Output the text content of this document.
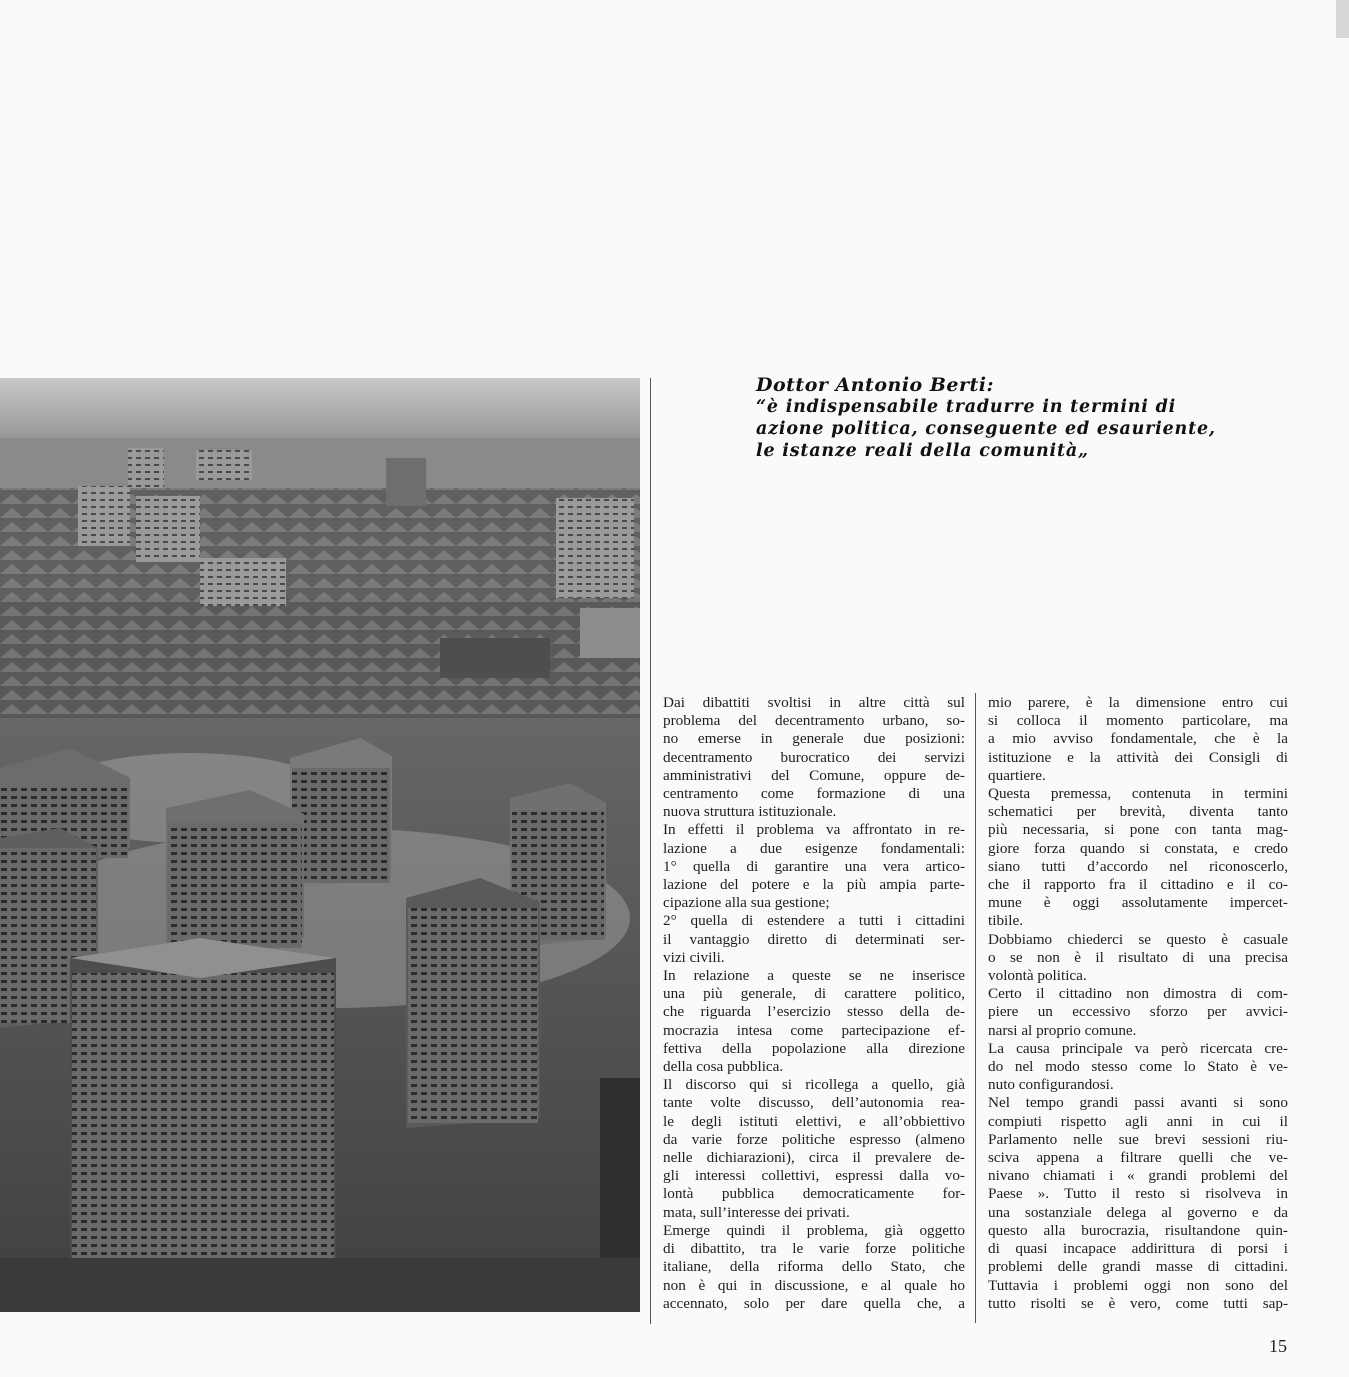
Dottor Antonio Berti:
“è indispensabile tradurre in termini di
azione politica, conseguente ed esauriente,
le istanze reali della comunità„
Dai dibattiti svoltisi in altre città sul
problema del decentramento urbano, so-
no emerse in generale due posizioni:
decentramento burocratico dei servizi
amministrativi del Comune, oppure de-
centramento come formazione di una
nuova struttura istituzionale.
In effetti il problema va affrontato in re-
lazione a due esigenze fondamentali:
1° quella di garantire una vera artico-
lazione del potere e la più ampia parte-
cipazione alla sua gestione;
2° quella di estendere a tutti i cittadini
il vantaggio diretto di determinati ser-
vizi civili.
In relazione a queste se ne inserisce
una più generale, di carattere politico,
che riguarda l’esercizio stesso della de-
mocrazia intesa come partecipazione ef-
fettiva della popolazione alla direzione
della cosa pubblica.
Il discorso qui si ricollega a quello, già
tante volte discusso, dell’autonomia rea-
le degli istituti elettivi, e all’obbiettivo
da varie forze politiche espresso (almeno
nelle dichiarazioni), circa il prevalere de-
gli interessi collettivi, espressi dalla vo-
lontà pubblica democraticamente for-
mata, sull’interesse dei privati.
Emerge quindi il problema, già oggetto
di dibattito, tra le varie forze politiche
italiane, della riforma dello Stato, che
non è qui in discussione, e al quale ho
accennato, solo per dare quella che, a
mio parere, è la dimensione entro cui
si colloca il momento particolare, ma
a mio avviso fondamentale, che è la
istituzione e la attività dei Consigli di
quartiere.
Questa premessa, contenuta in termini
schematici per brevità, diventa tanto
più necessaria, si pone con tanta mag-
giore forza quando si constata, e credo
siano tutti d’accordo nel riconoscerlo,
che il rapporto fra il cittadino e il co-
mune è oggi assolutamente impercet-
tibile.
Dobbiamo chiederci se questo è casuale
o se non è il risultato di una precisa
volontà politica.
Certo il cittadino non dimostra di com-
piere un eccessivo sforzo per avvici-
narsi al proprio comune.
La causa principale va però ricercata cre-
do nel modo stesso come lo Stato è ve-
nuto configurandosi.
Nel tempo grandi passi avanti si sono
compiuti rispetto agli anni in cui il
Parlamento nelle sue brevi sessioni riu-
sciva appena a filtrare quelli che ve-
nivano chiamati i « grandi problemi del
Paese ». Tutto il resto si risolveva in
una sostanziale delega al governo e da
questo alla burocrazia, risultandone quin-
di quasi incapace addirittura di porsi i
problemi delle grandi masse di cittadini.
Tuttavia i problemi oggi non sono del
tutto risolti se è vero, come tutti sap-
15
